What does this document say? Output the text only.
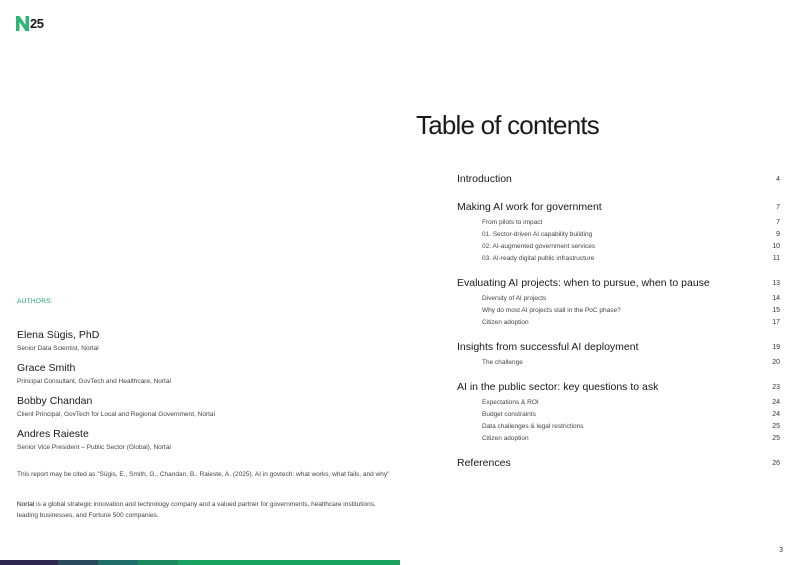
25
Table of contents
Introduction	4
Making AI work for government	7
From pilots to impact	7
01. Sector-driven AI capability building	9
02. AI-augmented government services	10
03. AI-ready digital public infrastructure	11
Evaluating AI projects: when to pursue, when to pause	13
Diversity of AI projects	14
Why do most AI projects stall in the PoC phase?	15
Citizen adoption	17
Insights from successful AI deployment	19
The challenge	20
AI in the public sector: key questions to ask	23
Expectations & ROI	24
Budget constraints	24
Data challenges & legal restrictions	25
Citizen adoption	25
References	26
AUTHORS:
Elena Sügis, PhD
Senior Data Scientist, Nortal
Grace Smith
Principal Consultant, GovTech and Healthcare, Nortal
Bobby Chandan
Client Principal, GovTech for Local and Regional Government, Nortal
Andres Raieste
Senior Vice President – Public Sector (Global), Nortal
This report may be cited as "Sügis, E., Smith, G., Chandan, B., Raieste, A. (2025). AI in govtech: what works, what fails, and why"
Nortal is a global strategic innovation and technology company and a valued partner for governments, healthcare institutions, leading businesses, and Fortune 500 companies.
3
